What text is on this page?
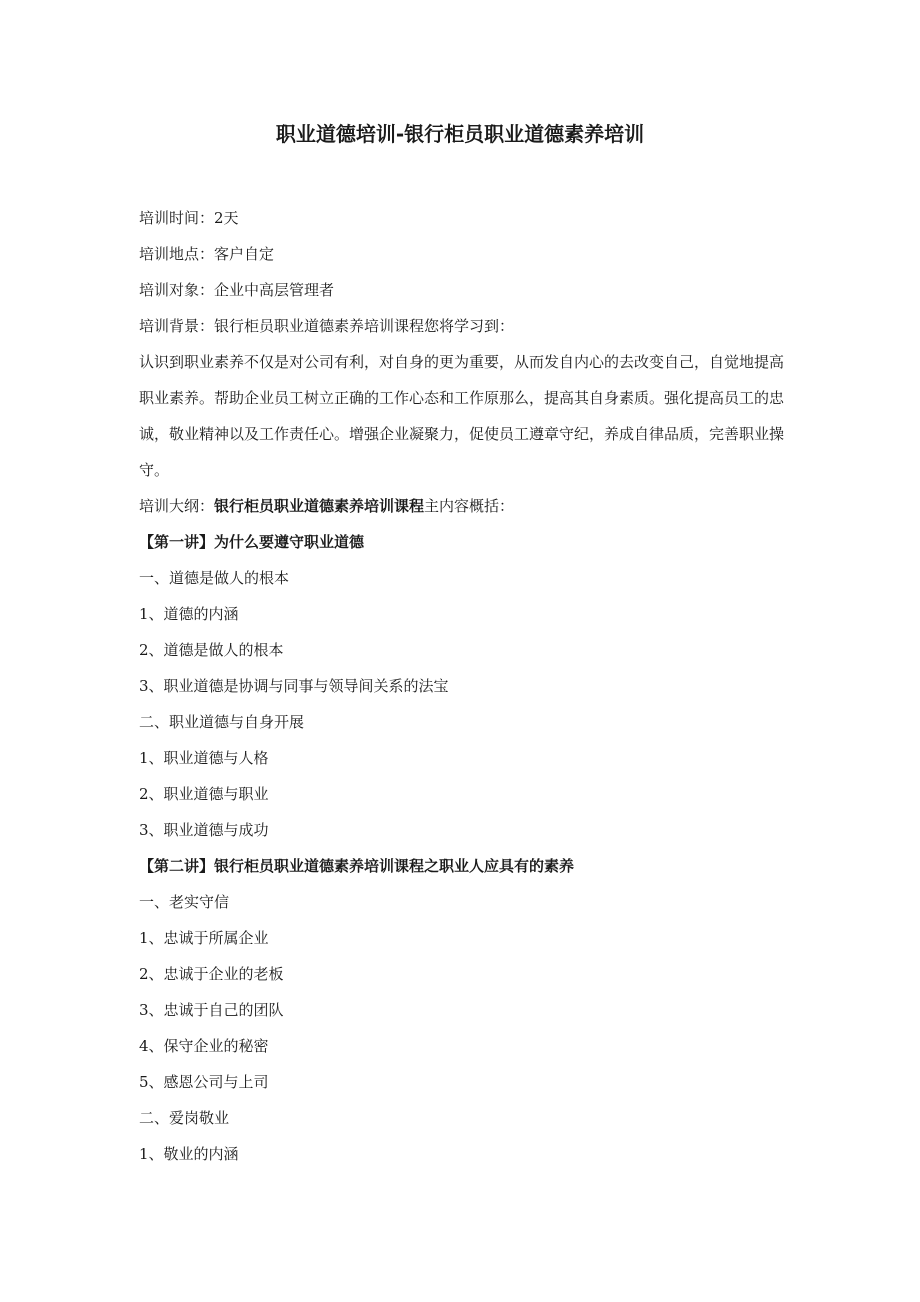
职业道德培训-银行柜员职业道德素养培训

培训时间：2天

培训地点：客户自定

培训对象：企业中高层管理者

培训背景：银行柜员职业道德素养培训课程您将学习到：

认识到职业素养不仅是对公司有利，对自身的更为重要，从而发自内心的去改变自己，自觉地提高职业素养。帮助企业员工树立正确的工作心态和工作原那么，提高其自身素质。强化提高员工的忠诚，敬业精神以及工作责任心。增强企业凝聚力，促使员工遵章守纪，养成自律品质，完善职业操守。

培训大纲：银行柜员职业道德素养培训课程主内容概括：

【第一讲】为什么要遵守职业道德

一、道德是做人的根本

1、道德的内涵

2、道德是做人的根本

3、职业道德是协调与同事与领导间关系的法宝

二、职业道德与自身开展

1、职业道德与人格

2、职业道德与职业

3、职业道德与成功

【第二讲】银行柜员职业道德素养培训课程之职业人应具有的素养

一、老实守信

1、忠诚于所属企业

2、忠诚于企业的老板

3、忠诚于自己的团队

4、保守企业的秘密

5、感恩公司与上司

二、爱岗敬业

1、敬业的内涵
